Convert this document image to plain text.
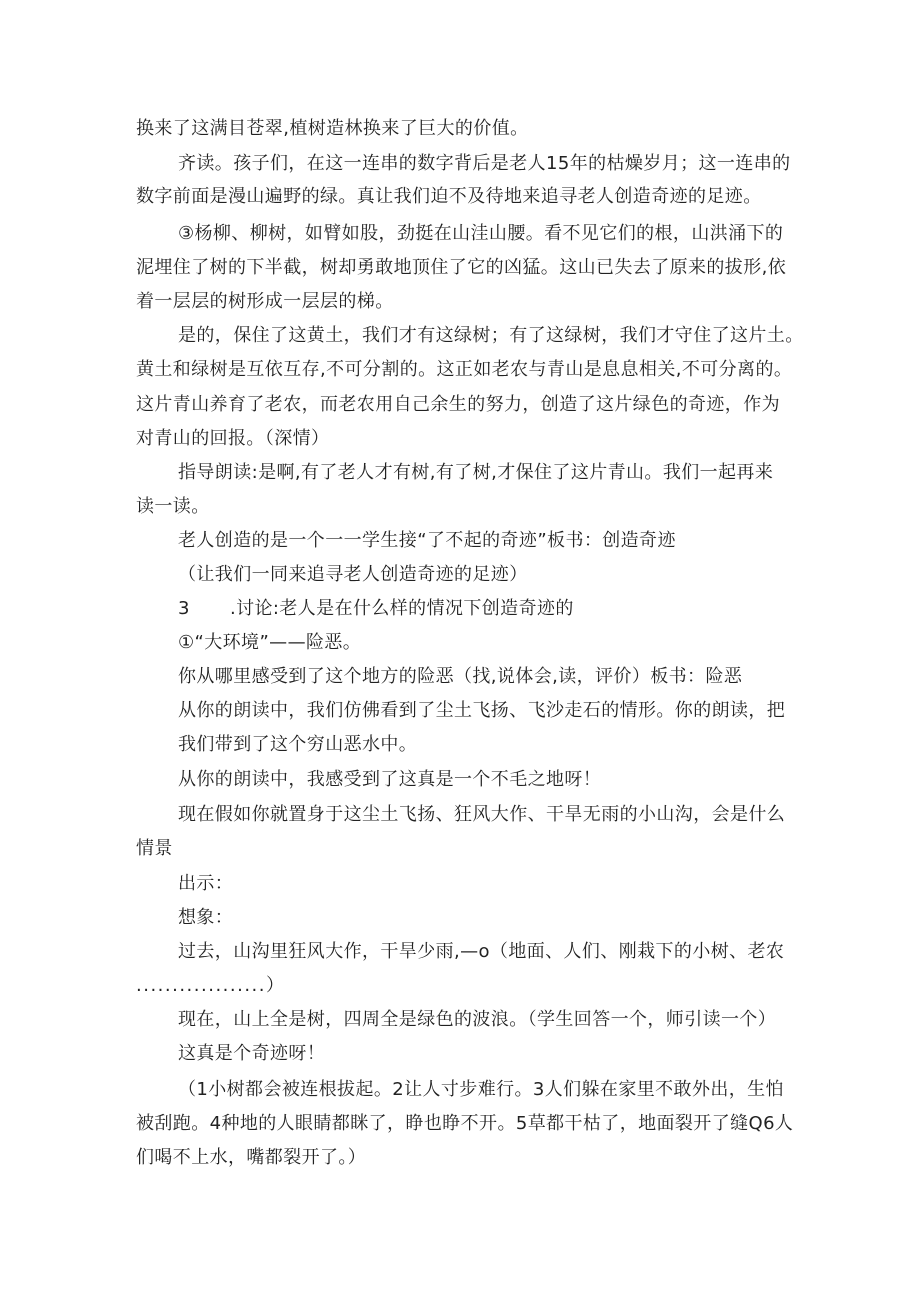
换来了这满目苍翠,植树造林换来了巨大的价值。
齐读。孩子们，在这一连串的数字背后是老人15年的枯燥岁月；这一连串的
数字前面是漫山遍野的绿。真让我们迫不及待地来追寻老人创造奇迹的足迹。
③杨柳、柳树，如臂如股，劲挺在山洼山腰。看不见它们的根，山洪涌下的
泥埋住了树的下半截，树却勇敢地顶住了它的凶猛。这山已失去了原来的拔形,依
着一层层的树形成一层层的梯。
是的，保住了这黄土，我们才有这绿树；有了这绿树，我们才守住了这片土。
黄土和绿树是互依互存,不可分割的。这正如老农与青山是息息相关,不可分离的。
这片青山养育了老农，而老农用自己余生的努力，创造了这片绿色的奇迹，作为
对青山的回报。（深情）
指导朗读:是啊,有了老人才有树,有了树,才保住了这片青山。我们一起再来
读一读。
老人创造的是一个一一学生接“了不起的奇迹”板书：创造奇迹
（让我们一同来追寻老人创造奇迹的足迹）
3 .讨论:老人是在什么样的情况下创造奇迹的
①“大环境”——险恶。
你从哪里感受到了这个地方的险恶（找,说体会,读，评价）板书：险恶
从你的朗读中，我们仿佛看到了尘土飞扬、飞沙走石的情形。你的朗读，把
我们带到了这个穷山恶水中。
从你的朗读中，我感受到了这真是一个不毛之地呀！
现在假如你就置身于这尘土飞扬、狂风大作、干旱无雨的小山沟，会是什么
情景
出示：
想象：
过去，山沟里狂风大作，干旱少雨,—o（地面、人们、刚栽下的小树、老农
..................）
现在，山上全是树，四周全是绿色的波浪。（学生回答一个，师引读一个）
这真是个奇迹呀！
（1小树都会被连根拔起。2让人寸步难行。3人们躲在家里不敢外出，生怕
被刮跑。4种地的人眼睛都眯了，睁也睁不开。5草都干枯了，地面裂开了缝Q6人
们喝不上水，嘴都裂开了。）
